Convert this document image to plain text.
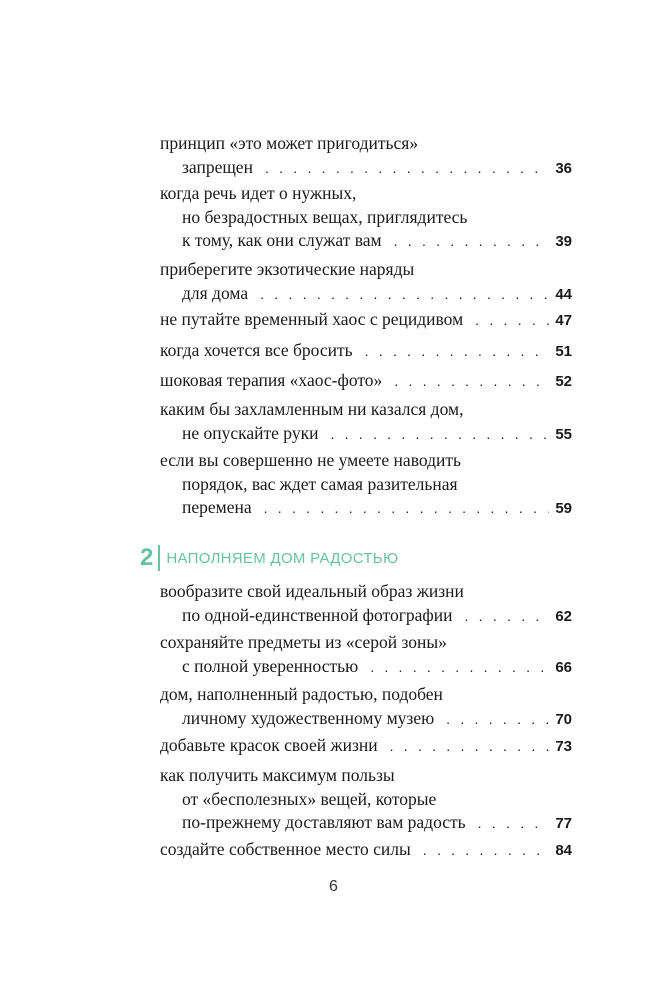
принцип «это может пригодиться»
запрещен . . .	36
когда речь идет о нужных,
но безрадостных вещах, приглядитесь
к тому, как они служат вам . . .	39
приберегите экзотические наряды
для дома . . .	44
не путайте временный хаос с рецидивом . . .	47
когда хочется все бросить . . .	51
шоковая терапия «хаос-фото» . . .	52
каким бы захламленным ни казался дом,
не опускайте руки . . .	55
если вы совершенно не умеете наводить
порядок, вас ждет самая разительная
перемена . . .	59
2 НАПОЛНЯЕМ ДОМ РАДОСТЬЮ
вообразите свой идеальный образ жизни
по одной-единственной фотографии . . .	62
сохраняйте предметы из «серой зоны»
с полной уверенностью . . .	66
дом, наполненный радостью, подобен
личному художественному музею . . .	70
добавьте красок своей жизни . . .	73
как получить максимум пользы
от «бесполезных» вещей, которые
по-прежнему доставляют вам радость . . .	77
создайте собственное место силы . . .	84
6
